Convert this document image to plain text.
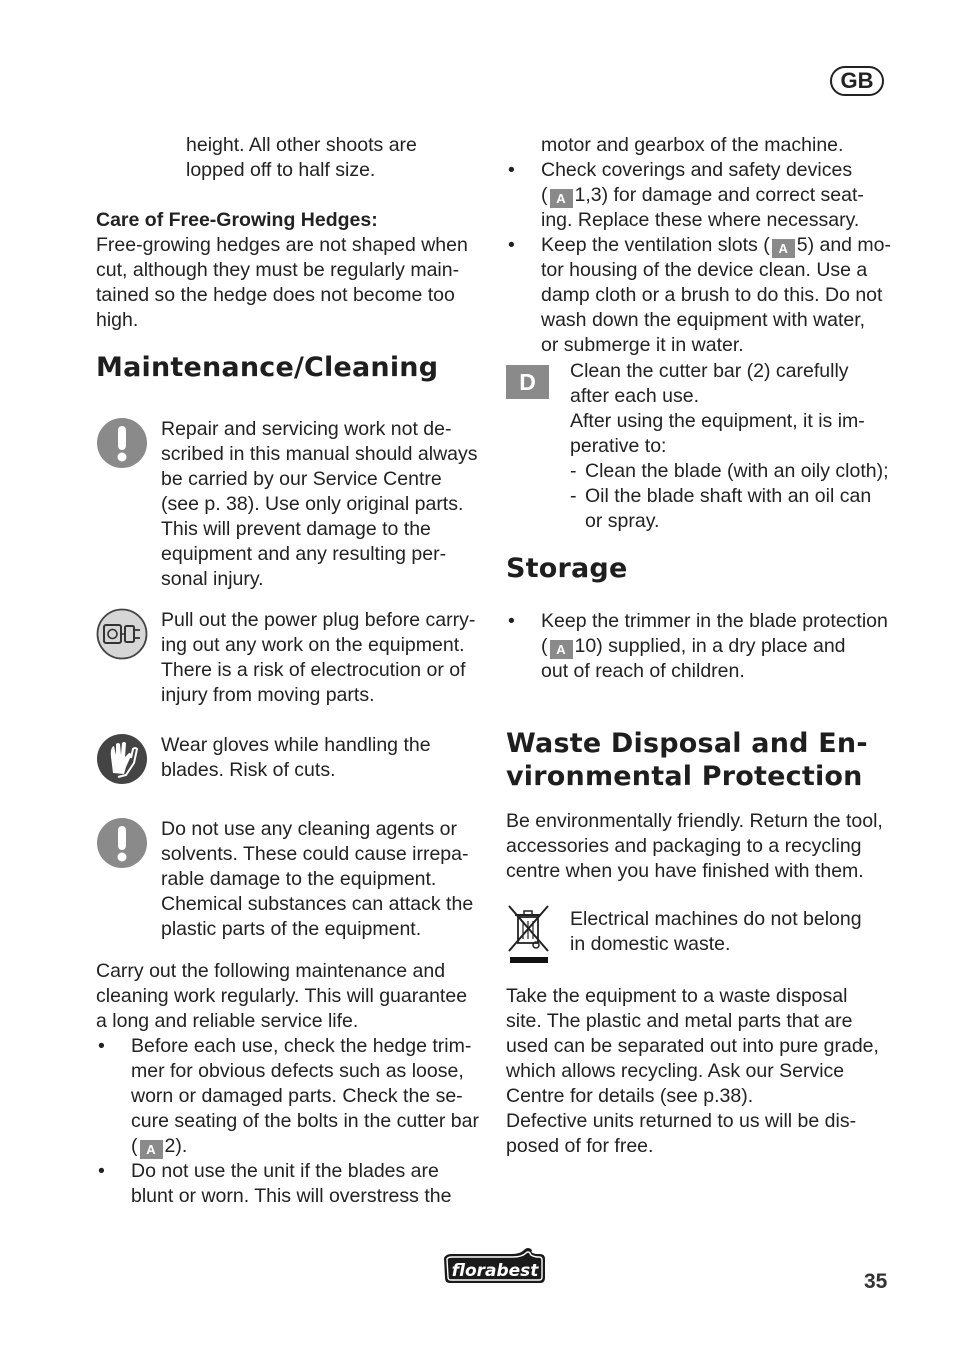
GB

height. All other shoots are
lopped off to half size.

Care of Free-Growing Hedges:

Free-growing hedges are not shaped when
cut, although they must be regularly main-
tained so the hedge does not become too
high.

Maintenance/Cleaning

Repair and servicing work not de-
scribed in this manual should always
be carried by our Service Centre
(see p. 38). Use only original parts.
This will prevent damage to the
equipment and any resulting per-
sonal injury.

Pull out the power plug before carry-
ing out any work on the equipment.
There is a risk of electrocution or of
injury from moving parts.

Wear gloves while handling the
blades. Risk of cuts.

Do not use any cleaning agents or
solvents. These could cause irrepa-
rable damage to the equipment.
Chemical substances can attack the
plastic parts of the equipment.

Carry out the following maintenance and
cleaning work regularly. This will guarantee
a long and reliable service life.

• Before each use, check the hedge trim-
mer for obvious defects such as loose,
worn or damaged parts. Check the se-
cure seating of the bolts in the cutter bar
( A 2).
• Do not use the unit if the blades are
blunt or worn. This will overstress the

motor and gearbox of the machine.

• Check coverings and safety devices
( A 1,3) for damage and correct seat-
ing. Replace these where necessary.
• Keep the ventilation slots ( A 5) and mo-
tor housing of the device clean. Use a
damp cloth or a brush to do this. Do not
wash down the equipment with water,
or submerge it in water.
D	Clean the cutter bar (2) carefully
after each use.
After using the equipment, it is im-
perative to:

- Clean the blade (with an oily cloth);
- Oil the blade shaft with an oil can
or spray.
Storage
• Keep the trimmer in the blade protection
( A 10) supplied, in a dry place and
out of reach of children.
Waste Disposal and En-
vironmental Protection

Be environmentally friendly. Return the tool,
accessories and packaging to a recycling
centre when you have finished with them.

Electrical machines do not belong
in domestic waste.

Take the equipment to a waste disposal
site. The plastic and metal parts that are
used can be separated out into pure grade,
which allows recycling. Ask our Service
Centre for details (see p.38).
Defective units returned to us will be dis-
posed of for free.

florabest	35
